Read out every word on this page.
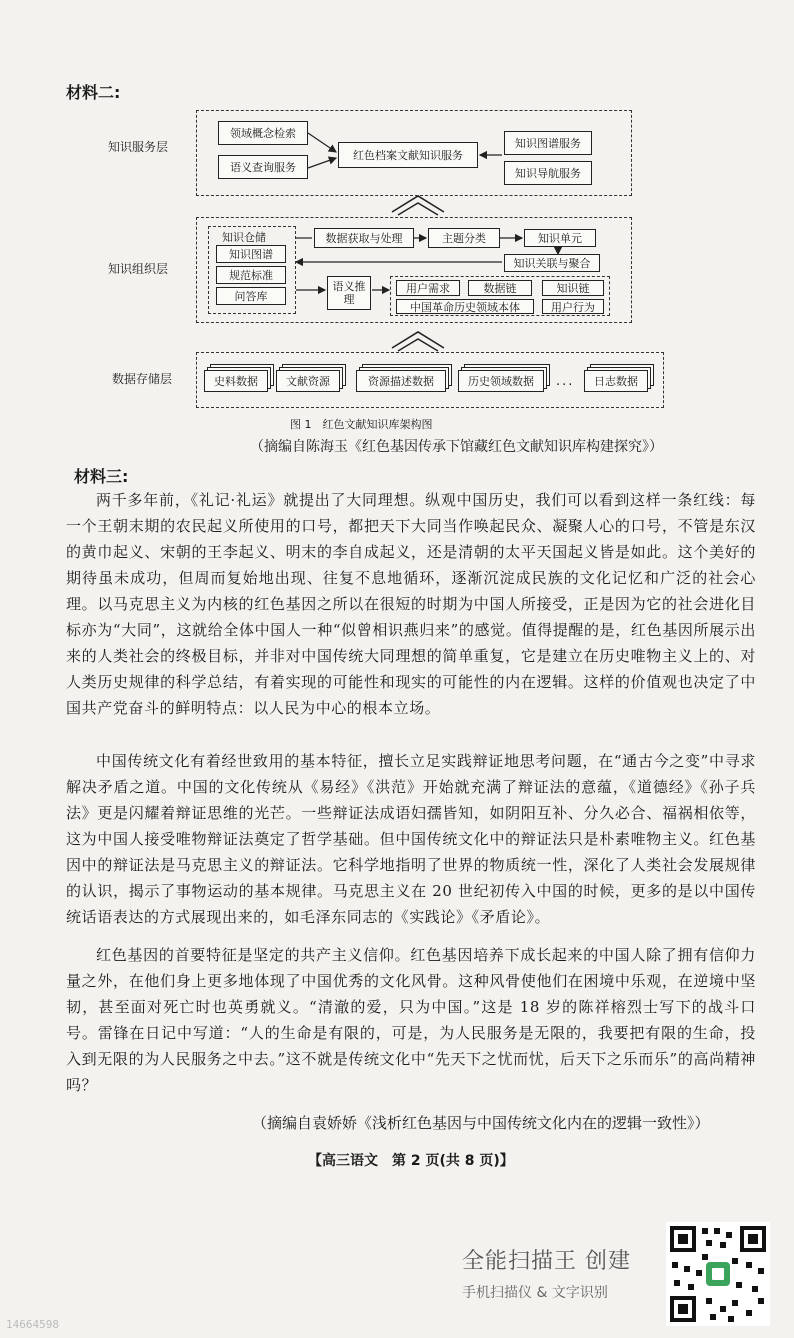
材料二:
知识服务层
领域概念检索
语义查询服务
红色档案文献知识服务
知识图谱服务
知识导航服务
知识组织层
知识仓储
知识图谱
规范标准
问答库
数据获取与处理	主题分类	知识单元
知识关联与聚合
语义推理
用户需求	数据链	知识链
中国革命历史领域本体	用户行为
数据存储层	史料数据	文献资源	资源描述数据	历史领域数据	日志数据
···
图 1　红色文献知识库架构图
（摘编自陈海玉《红色基因传承下馆藏红色文献知识库构建探究》）
材料三:
两千多年前，《礼记·礼运》就提出了大同理想。纵观中国历史，我们可以看到这样一条红线：每一个王朝末期的农民起义所使用的口号，都把天下大同当作唤起民众、凝聚人心的口号，不管是东汉的黄巾起义、宋朝的王李起义、明末的李自成起义，还是清朝的太平天国起义皆是如此。这个美好的期待虽未成功，但周而复始地出现、往复不息地循环，逐渐沉淀成民族的文化记忆和广泛的社会心理。以马克思主义为内核的红色基因之所以在很短的时期为中国人所接受，正是因为它的社会进化目标亦为“大同”，这就给全体中国人一种“似曾相识燕归来”的感觉。值得提醒的是，红色基因所展示出来的人类社会的终极目标，并非对中国传统大同理想的简单重复，它是建立在历史唯物主义上的、对人类历史规律的科学总结，有着实现的可能性和现实的可能性的内在逻辑。这样的价值观也决定了中国共产党奋斗的鲜明特点：以人民为中心的根本立场。
中国传统文化有着经世致用的基本特征，擅长立足实践辩证地思考问题，在“通古今之变”中寻求解决矛盾之道。中国的文化传统从《易经》《洪范》开始就充满了辩证法的意蕴，《道德经》《孙子兵法》更是闪耀着辩证思维的光芒。一些辩证法成语妇孺皆知，如阴阳互补、分久必合、福祸相依等，这为中国人接受唯物辩证法奠定了哲学基础。但中国传统文化中的辩证法只是朴素唯物主义。红色基因中的辩证法是马克思主义的辩证法。它科学地指明了世界的物质统一性，深化了人类社会发展规律的认识，揭示了事物运动的基本规律。马克思主义在 20 世纪初传入中国的时候，更多的是以中国传统话语表达的方式展现出来的，如毛泽东同志的《实践论》《矛盾论》。
红色基因的首要特征是坚定的共产主义信仰。红色基因培养下成长起来的中国人除了拥有信仰力量之外，在他们身上更多地体现了中国优秀的文化风骨。这种风骨使他们在困境中乐观，在逆境中坚韧，甚至面对死亡时也英勇就义。“清澈的爱，只为中国。”这是 18 岁的陈祥榕烈士写下的战斗口号。雷锋在日记中写道：“人的生命是有限的，可是，为人民服务是无限的，我要把有限的生命，投入到无限的为人民服务之中去。”这不就是传统文化中“先天下之忧而忧，后天下之乐而乐”的高尚精神吗？
（摘编自袁娇娇《浅析红色基因与中国传统文化内在的逻辑一致性》）
【高三语文　第 2 页(共 8 页)】
全能扫描王 创建
手机扫描仪 & 文字识别
14664598
